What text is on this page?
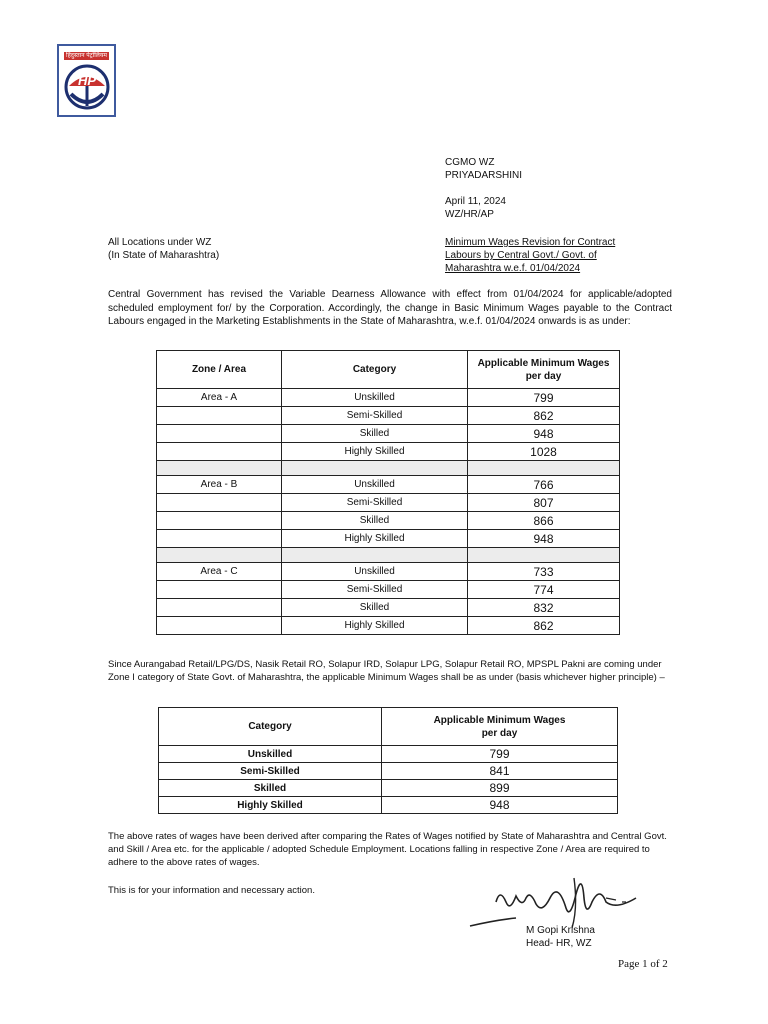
हिंदुस्तान पेट्रोलियम
HP
CGMO WZ
PRIYADARSHINI
April 11, 2024
WZ/HR/AP
All Locations under WZ
(In State of Maharashtra)
Minimum Wages Revision for Contract
Labours by Central Govt./ Govt. of
Maharashtra w.e.f. 01/04/2024
Central Government has revised the Variable Dearness Allowance with effect from 01/04/2024 for applicable/adopted scheduled employment for/ by the Corporation. Accordingly, the change in Basic Minimum Wages payable to the Contract Labours engaged in the Marketing Establishments in the State of Maharashtra, w.e.f. 01/04/2024 onwards is as under:
Zone / Area	Category	Applicable Minimum Wages
per day
Area - A	Unskilled	799
	Semi-Skilled	862
	Skilled	948
	Highly Skilled	1028

Area - B	Unskilled	766
	Semi-Skilled	807
	Skilled	866
	Highly Skilled	948

Area - C	Unskilled	733
	Semi-Skilled	774
	Skilled	832
	Highly Skilled	862
Since Aurangabad Retail/LPG/DS, Nasik Retail RO, Solapur IRD, Solapur LPG, Solapur Retail RO, MPSPL Pakni are coming under Zone I category of State Govt. of Maharashtra, the applicable Minimum Wages shall be as under (basis whichever higher principle) –
Category	Applicable Minimum Wages
per day
Unskilled	799
Semi-Skilled	841
Skilled	899
Highly Skilled	948
The above rates of wages have been derived after comparing the Rates of Wages notified by State of Maharashtra and Central Govt. and Skill / Area etc. for the applicable / adopted Schedule Employment. Locations falling in respective Zone / Area are required to adhere to the above rates of wages.
This is for your information and necessary action.
M Gopi Krishna
Head- HR, WZ
Page 1 of 2
